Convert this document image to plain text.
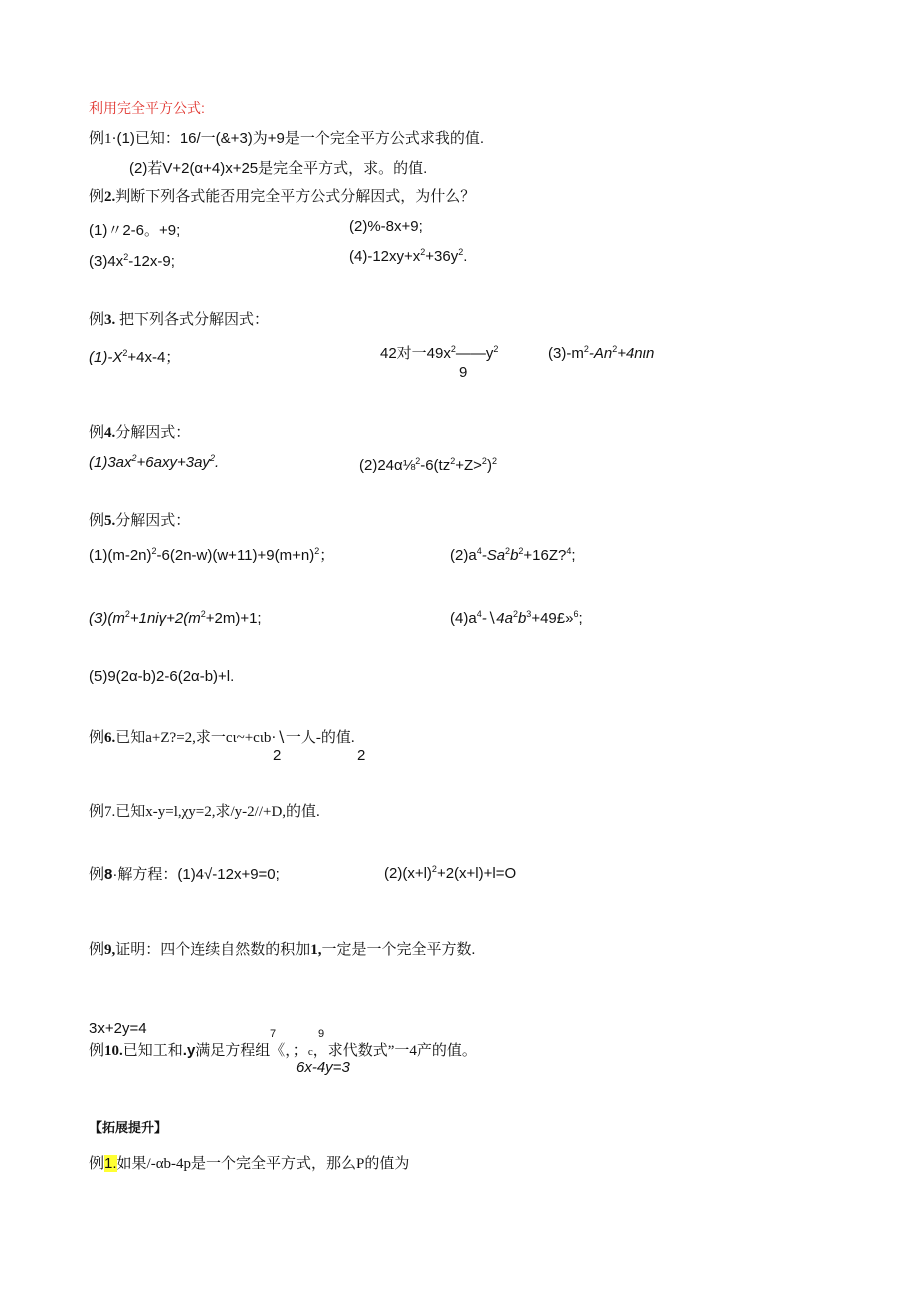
利用完全平方公式:
例1·(1)已知：16/一(&+3)为+9是一个完全平方公式求我的值.
(2)若V+2(α+4)x+25是完全平方式，求。的值.
例2.判断下列各式能否用完全平方公式分解因式，为什么？
(1)〃2-6。+9;	(2)%-8x+9;
$(3)4x^2-12x-9$;	$(4)-12xy+x^2+36y^2$.
例3. 把下列各式分解因式：
$(1)-X^2+4x-4$；	42对一$49x^2——y^2$
9
$(3)-m^2-An^2+4n\iota n$
例4.分解因式：
$(1)3ax^2+6axy+3ay^2$.	$(2)24\alpha\frac{1}{8}^2-6(tz^2+Z>^2)^2$
例5.分解因式：
$(1)(m-2n)^2-6(2n-w)(w+11)+9(m+n)^2$；	$(2)a^4-Sa^2b^2+16Z?^4$;
$(3)(m^2+1ni\gamma+2(m^2+2m)+1$;	$(4)a^4-∖4a^2b^3+49£»^6$;
(5)9(2α-b)2-6(2α-b)+l.
例6.已知a+Z?=2,求一cι~+cιb·∖一人-的值.
2	2
例7.已知x-y=l,χy=2,求/y-2//+D,的值.
例8·解方程：(1)4√-12x+9=0;	$(2)(x+l)^2+2(x+l)+l=O$
例9,证明：四个连续自然数的积加1,一定是一个完全平方数.
3x+2y=4	7	9
例10.已知工和.y满足方程组《，；c，求代数式”一4产的值。
6x-4y=3
【拓展提升】
例1.如果/-αb-4p是一个完全平方式，那么P的值为
